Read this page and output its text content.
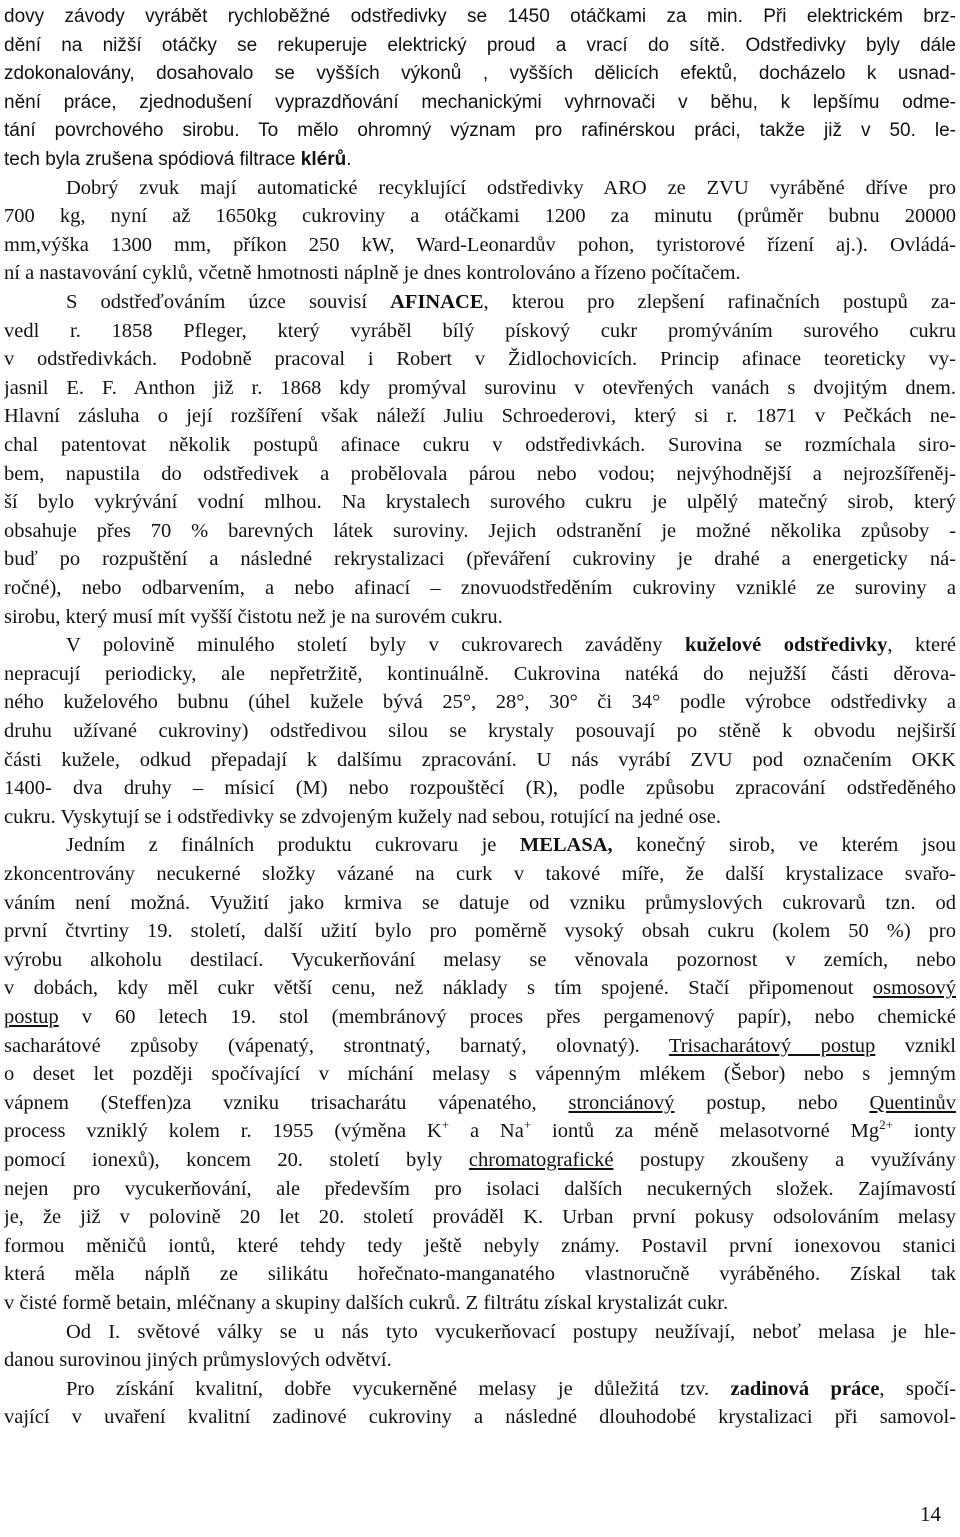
dovy závody vyrábět rychloběžné odstředivky se 1450 otáčkami za min. Při elektrickém brz-
dění na nižší otáčky se rekuperuje elektrický proud a vrací do sítě. Odstředivky byly dále
zdokonalovány, dosahovalo se vyšších výkonů , vyšších dělicích efektů, docházelo k usnad-
nění práce, zjednodušení vyprazdňování mechanickými vyhrnovači v běhu, k lepšímu odme-
tání povrchového sirobu. To mělo ohromný význam pro rafinérskou práci, takže již v 50. le-
tech byla zrušena spódiová filtrace klérů.
Dobrý zvuk mají automatické recyklující odstředivky ARO ze ZVU vyráběné dříve pro
700 kg, nyní až 1650kg cukroviny a otáčkami 1200 za minutu (průměr bubnu 20000
mm,výška 1300 mm, příkon 250 kW, Ward-Leonardův pohon, tyristorové řízení aj.). Ovládá-
ní a nastavování cyklů, včetně hmotnosti náplně je dnes kontrolováno a řízeno počítačem.
S odstřeďováním úzce souvisí AFINACE, kterou pro zlepšení rafinačních postupů za-
vedl r. 1858 Pfleger, který vyráběl bílý pískový cukr promýváním surového cukru
v odstředivkách. Podobně pracoval i Robert v Židlochovicích. Princip afinace teoreticky vy-
jasnil E. F. Anthon již r. 1868 kdy promýval surovinu v otevřených vanách s dvojitým dnem.
Hlavní zásluha o její rozšíření však náleží Juliu Schroederovi, který si r. 1871 v Pečkách ne-
chal patentovat několik postupů afinace cukru v odstředivkách. Surovina se rozmíchala siro-
bem, napustila do odstředivek a probělovala párou nebo vodou; nejvýhodnější a nejrozšířeněj-
ší bylo vykrývání vodní mlhou. Na krystalech surového cukru je ulpělý matečný sirob, který
obsahuje přes 70 % barevných látek suroviny. Jejich odstranění je možné několika způsoby -
buď po rozpuštění a následné rekrystalizaci (převáření cukroviny je drahé a energeticky ná-
ročné), nebo odbarvením, a nebo afinací – znovuodstředěním cukroviny vzniklé ze suroviny a
sirobu, který musí mít vyšší čistotu než je na surovém cukru.
V polovině minulého století byly v cukrovarech zaváděny kuželové odstředivky, které
nepracují periodicky, ale nepřetržitě, kontinuálně. Cukrovina natéká do nejužší části děrova-
ného kuželového bubnu (úhel kužele bývá 25°, 28°, 30° či 34° podle výrobce odstředivky a
druhu užívané cukroviny) odstředivou silou se krystaly posouvají po stěně k obvodu nejširší
části kužele, odkud přepadají k dalšímu zpracování. U nás vyrábí ZVU pod označením OKK
1400- dva druhy – mísicí (M) nebo rozpouštěcí (R), podle způsobu zpracování odstředěného
cukru. Vyskytují se i odstředivky se zdvojeným kužely nad sebou, rotující na jedné ose.
Jedním z finálních produktu cukrovaru je MELASA, konečný sirob, ve kterém jsou
zkoncentrovány necukerné složky vázané na curk v takové míře, že další krystalizace svařo-
váním není možná. Využití jako krmiva se datuje od vzniku průmyslových cukrovarů tzn. od
první čtvrtiny 19. století, další užití bylo pro poměrně vysoký obsah cukru (kolem 50 %) pro
výrobu alkoholu destilací. Vycukerňování melasy se věnovala pozornost v zemích, nebo
v dobách, kdy měl cukr větší cenu, než náklady s tím spojené. Stačí připomenout osmosový
postup v 60 letech 19. stol (membránový proces přes pergamenový papír), nebo chemické
sacharátové způsoby (vápenatý, strontnatý, barnatý, olovnatý). Trisacharátový postup vznikl
o deset let později spočívající v míchání melasy s vápenným mlékem (Šebor) nebo s jemným
vápnem (Steffen)za vzniku trisacharátu vápenatého, stronciánový postup, nebo Quentinův
process vzniklý kolem r. 1955 (výměna K+ a Na+ iontů za méně melasotvorné $Mg^{2+}$ ionty
pomocí ionexů), koncem 20. století byly chromatografické postupy zkoušeny a využívány
nejen pro vycukerňování, ale především pro isolaci dalších necukerných složek. Zajímavostí
je, že již v polovině 20 let 20. století prováděl K. Urban první pokusy odsolováním melasy
formou měničů iontů, které tehdy tedy ještě nebyly známy. Postavil první ionexovou stanici
která měla náplň ze silikátu hořečnato-manganatého vlastnoručně vyráběného. Získal tak
v čisté formě betain, mléčnany a skupiny dalších cukrů. Z filtrátu získal krystalizát cukr.
Od I. světové války se u nás tyto vycukerňovací postupy neužívají, neboť melasa je hle-
danou surovinou jiných průmyslových odvětví.
Pro získání kvalitní, dobře vycukerněné melasy je důležitá tzv. zadinová práce, spočí-
vající v uvaření kvalitní zadinové cukroviny a následné dlouhodobé krystalizaci při samovol-
14
